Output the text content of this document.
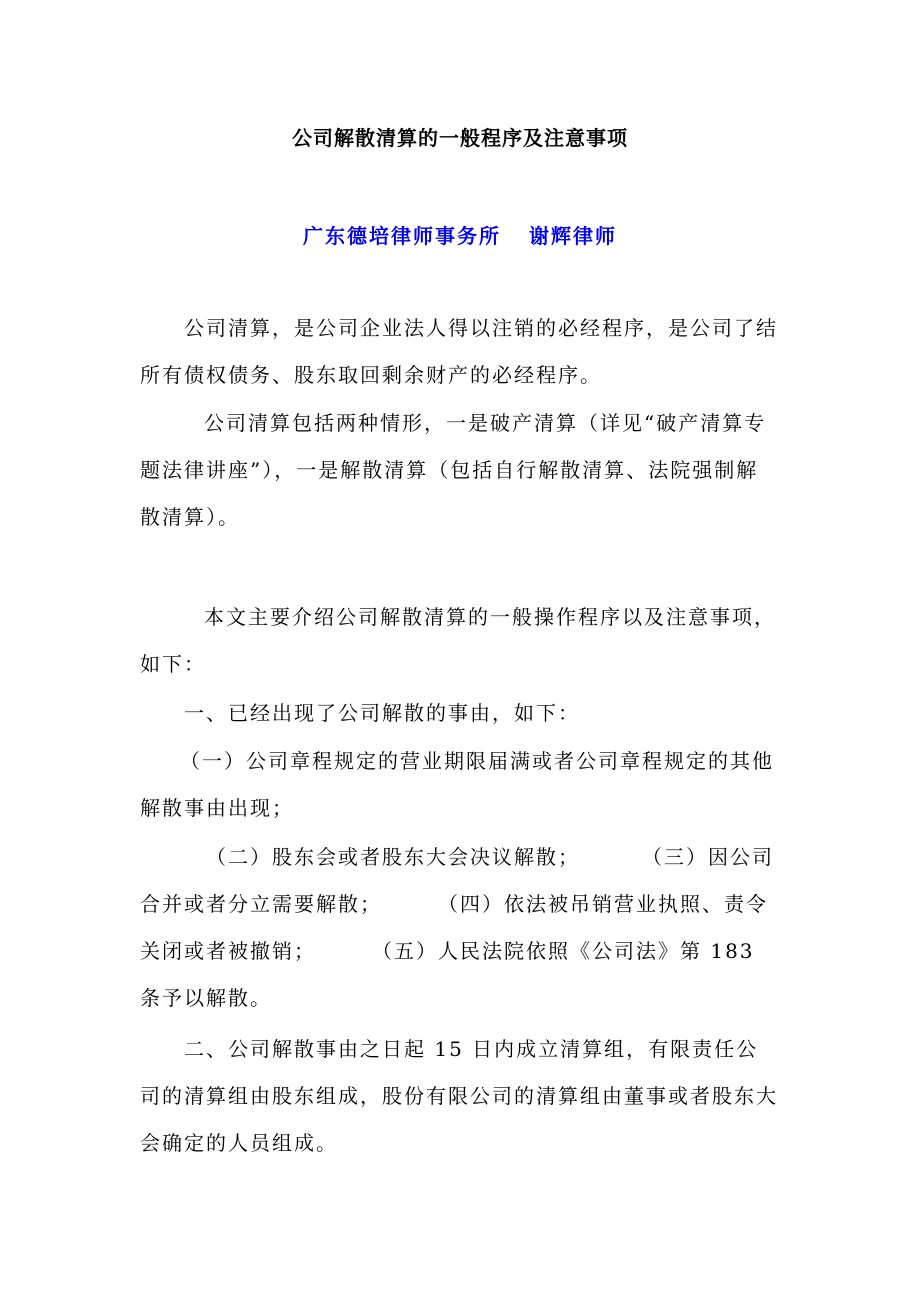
公司解散清算的一般程序及注意事项
广东德培律师事务所 谢辉律师

公司清算，是公司企业法人得以注销的必经程序，是公司了结所有债权债务、股东取回剩余财产的必经程序。

公司清算包括两种情形，一是破产清算（详见“破产清算专题法律讲座”），一是解散清算（包括自行解散清算、法院强制解散清算）。

本文主要介绍公司解散清算的一般操作程序以及注意事项，如下：

一、已经出现了公司解散的事由，如下：

（一）公司章程规定的营业期限届满或者公司章程规定的其他解散事由出现；

（二）股东会或者股东大会决议解散；	（三）因公司合并或者分立需要解散；	（四）依法被吊销营业执照、责令关闭或者被撤销；	（五）人民法院依照《公司法》第 183 条予以解散。

二、公司解散事由之日起 15 日内成立清算组，有限责任公司的清算组由股东组成，股份有限公司的清算组由董事或者股东大会确定的人员组成。
